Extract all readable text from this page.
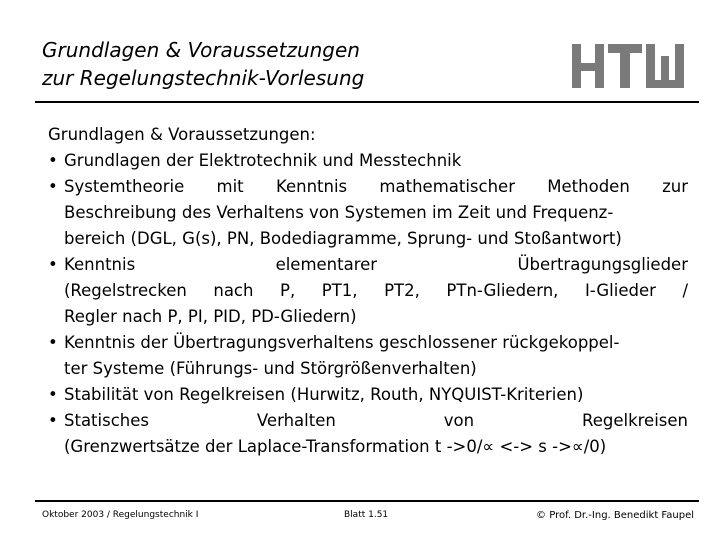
Grundlagen & Voraussetzungen
zur Regelungstechnik-Vorlesung
Grundlagen & Voraussetzungen:
• Grundlagen der Elektrotechnik und Messtechnik
• Systemtheorie mit Kenntnis mathematischer Methoden zur
Beschreibung des Verhaltens von Systemen im Zeit und Frequenz-
bereich (DGL, G(s), PN, Bodediagramme, Sprung- und Stoßantwort)
• Kenntnis elementarer Übertragungsglieder
(Regelstrecken nach P, PT1, PT2, PTn-Gliedern, I-Glieder /
Regler nach P, PI, PID, PD-Gliedern)
• Kenntnis der Übertragungsverhaltens geschlossener rückgekoppel-
ter Systeme (Führungs- und Störgrößenverhalten)
• Stabilität von Regelkreisen (Hurwitz, Routh, NYQUIST-Kriterien)
• Statisches Verhalten von Regelkreisen
(Grenzwertsätze der Laplace-Transformation t ->0/∝ <-> s ->∝/0)
Oktober 2003 / Regelungstechnik I	Blatt 1.51	© Prof. Dr.-Ing. Benedikt Faupel
